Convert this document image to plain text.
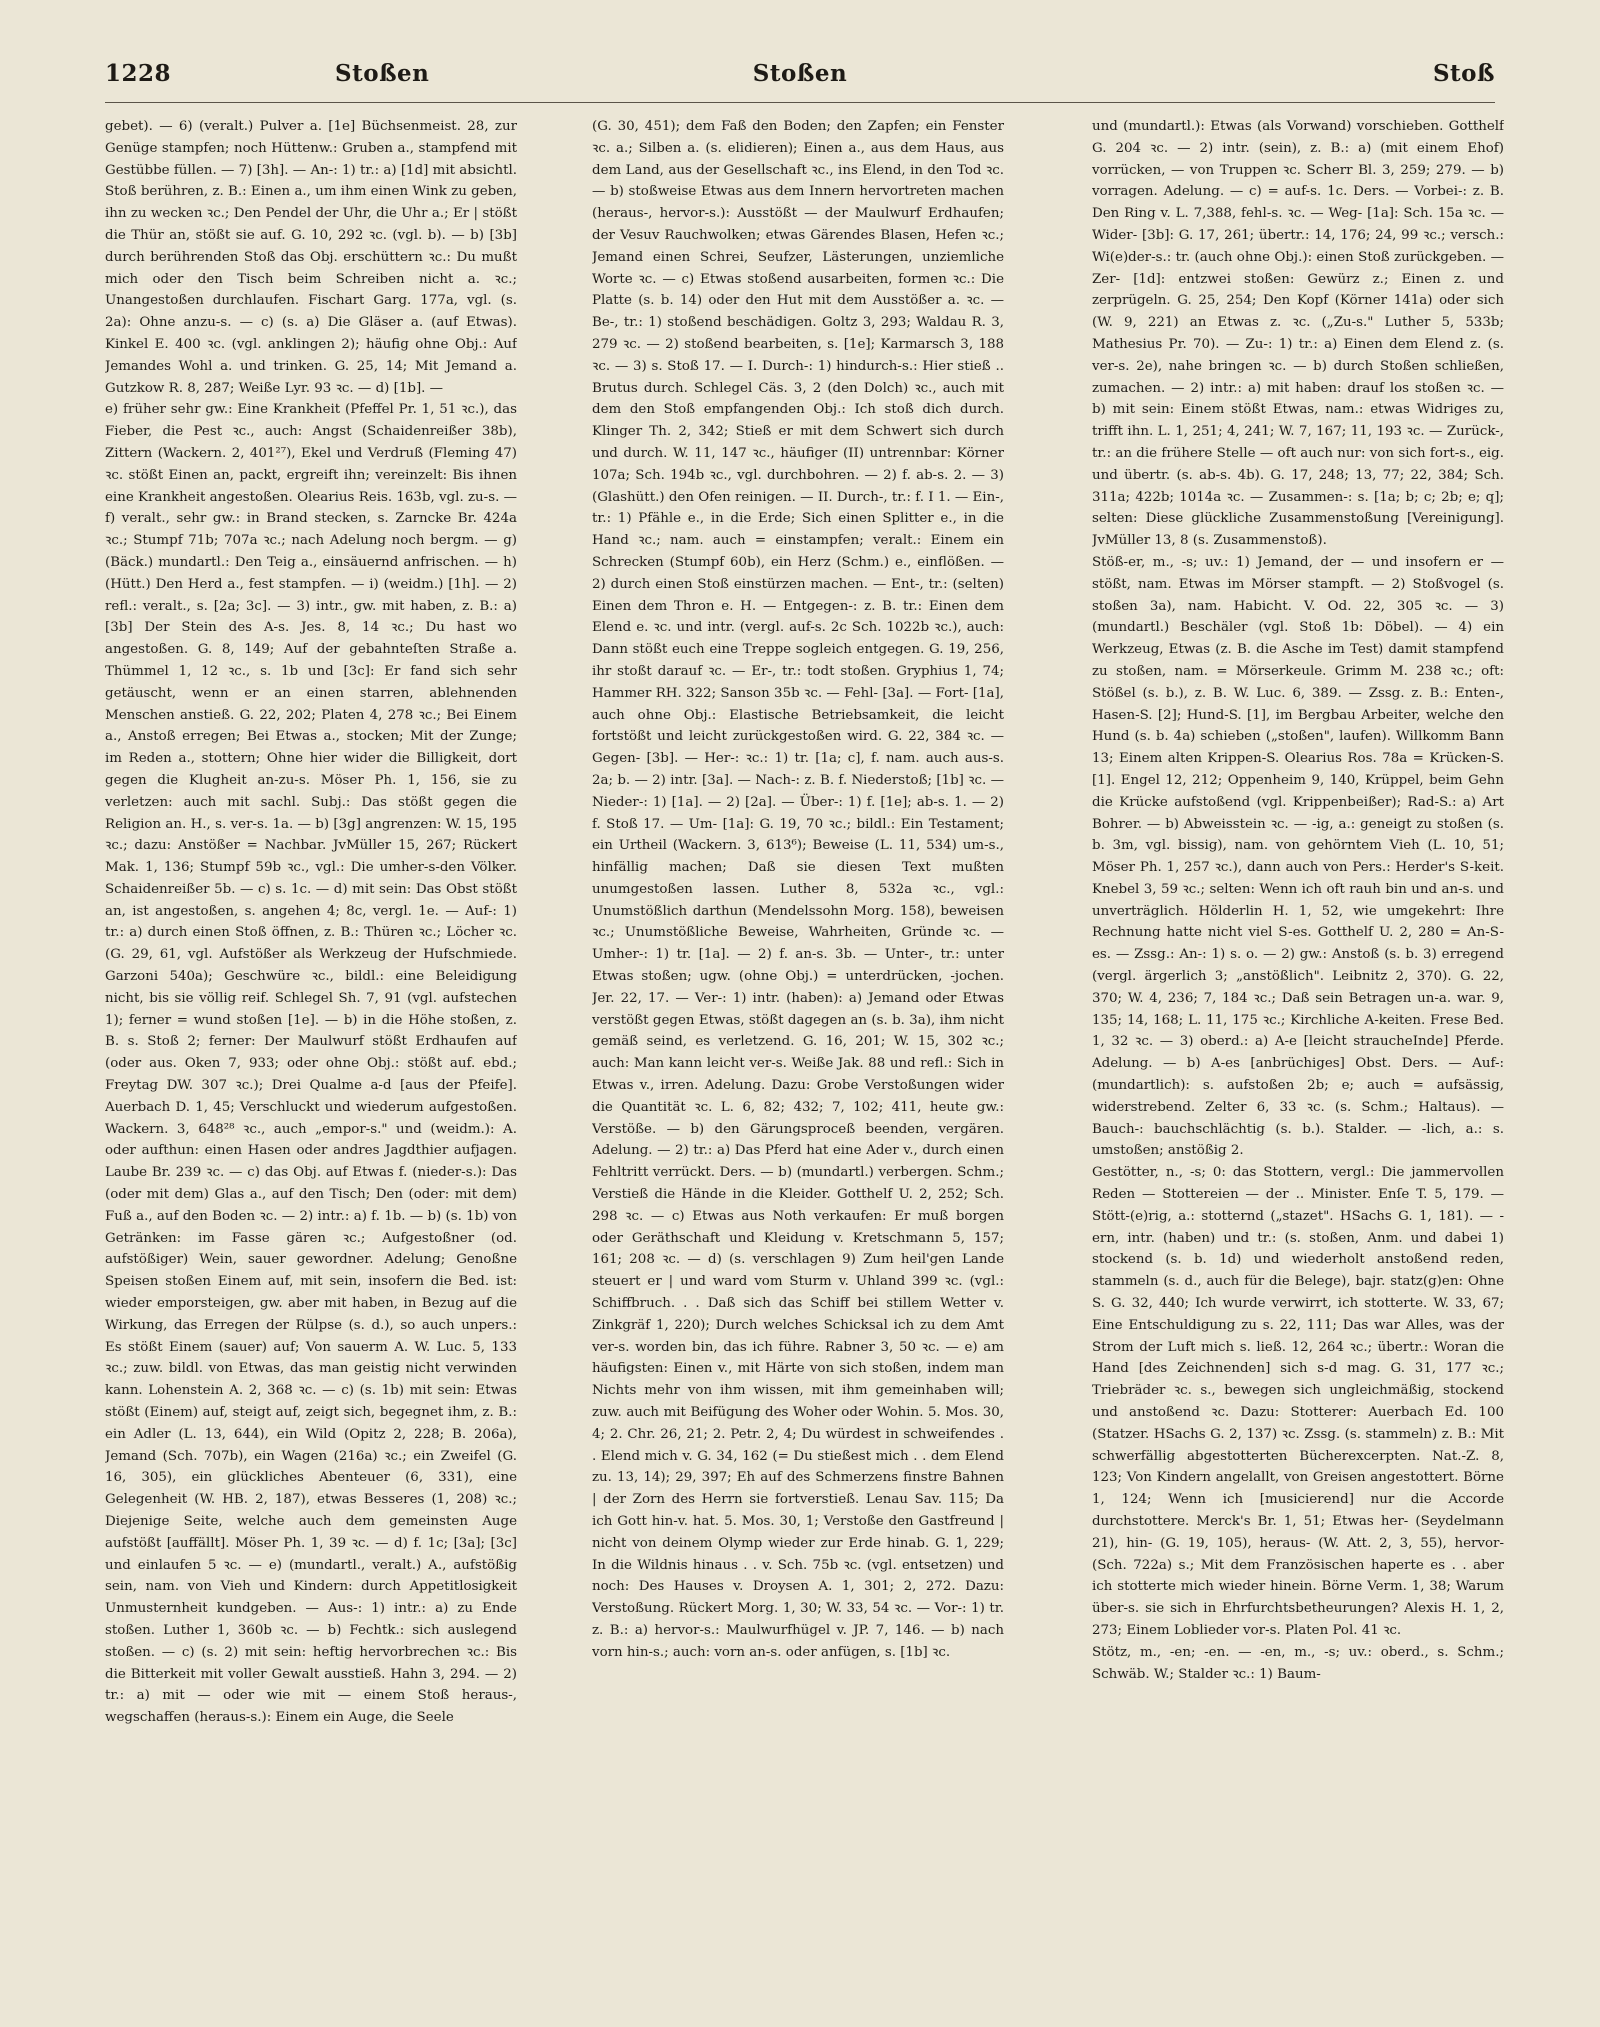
1228	Stoßen	Stoßen	Stoß

gebet). — 6) (veralt.) Pulver a. [1e] Büchsenmeist. 28, zur Genüge stampfen; noch Hüttenw.: Gruben a., stampfend mit Gestübbe füllen. — 7) [3h]. — An-: 1) tr.: a) [1d] mit absichtl. Stoß berühren, z. B.: Einen a., um ihm einen Wink zu geben, ihn zu wecken ꝛc.; Den Pendel der Uhr, die Uhr a.; Er | stößt die Thür an, stößt sie auf. G. 10, 292 ꝛc. (vgl. b). — b) [3b] durch berührenden Stoß das Obj. erschüttern ꝛc.: Du mußt mich oder den Tisch beim Schreiben nicht a. ꝛc.; Unangestoßen durchlaufen. Fischart Garg. 177a, vgl. (s. 2a): Ohne anzu-s. — c) (s. a) Die Gläser a. (auf Etwas). Kinkel E. 400 ꝛc. (vgl. anklingen 2); häufig ohne Obj.: Auf Jemandes Wohl a. und trinken. G. 25, 14; Mit Jemand a. Gutzkow R. 8, 287; Weiße Lyr. 93 ꝛc. — d) [1b]. —

e) früher sehr gw.: Eine Krankheit (Pfeffel Pr. 1, 51 ꝛc.), das Fieber, die Pest ꝛc., auch: Angst (Schaidenreißer 38b), Zittern (Wackern. 2, 401²⁷), Ekel und Verdruß (Fleming 47) ꝛc. stößt Einen an, packt, ergreift ihn; vereinzelt: Bis ihnen eine Krankheit angestoßen. Olearius Reis. 163b, vgl. zu-s. — f) veralt., sehr gw.: in Brand stecken, s. Zarncke Br. 424a ꝛc.; Stumpf 71b; 707a ꝛc.; nach Adelung noch bergm. — g) (Bäck.) mundartl.: Den Teig a., einsäuernd anfrischen. — h) (Hütt.) Den Herd a., fest stampfen. — i) (weidm.) [1h]. — 2) refl.: veralt., s. [2a; 3c]. — 3) intr., gw. mit haben, z. B.: a) [3b] Der Stein des A-s. Jes. 8, 14 ꝛc.; Du hast wo angestoßen. G. 8, 149; Auf der gebahnteſten Straße a. Thümmel 1, 12 ꝛc., s. 1b und [3c]: Er fand sich sehr getäuscht, wenn er an einen starren, ablehnenden Menschen anstieß. G. 22, 202; Platen 4, 278 ꝛc.; Bei Einem a., Anstoß erregen; Bei Etwas a., stocken; Mit der Zunge; im Reden a., stottern; Ohne hier wider die Billigkeit, dort gegen die Klugheit an-zu-s. Möser Ph. 1, 156, sie zu verletzen: auch mit sachl. Subj.: Das stößt gegen die Religion an. H., s. ver-s. 1a. — b) [3g] angrenzen: W. 15, 195 ꝛc.; dazu: Anstößer = Nachbar. JvMüller 15, 267; Rückert Mak. 1, 136; Stumpf 59b ꝛc., vgl.: Die umher-s-den Völker. Schaidenreißer 5b. — c) s. 1c. — d) mit sein: Das Obst stößt an, ist angestoßen, s. angehen 4; 8c, vergl. 1e. — Auf-: 1) tr.: a) durch einen Stoß öffnen, z. B.: Thüren ꝛc.; Löcher ꝛc. (G. 29, 61, vgl. Aufstößer als Werkzeug der Hufschmiede. Garzoni 540a); Geschwüre ꝛc., bildl.: eine Beleidigung nicht, bis sie völlig reif. Schlegel Sh. 7, 91 (vgl. aufstechen 1); ferner = wund stoßen [1e]. — b) in die Höhe stoßen, z. B. s. Stoß 2; ferner: Der Maulwurf stößt Erdhaufen auf (oder aus. Oken 7, 933; oder ohne Obj.: stößt auf. ebd.; Freytag DW. 307 ꝛc.); Drei Qualme a-d [aus der Pfeife]. Auerbach D. 1, 45; Verschluckt und wiederum aufgestoßen. Wackern. 3, 648²⁸ ꝛc., auch „empor-s." und (weidm.): A. oder aufthun: einen Hasen oder andres Jagdthier aufjagen. Laube Br. 239 ꝛc. — c) das Obj. auf Etwas f. (nieder-s.): Das (oder mit dem) Glas a., auf den Tisch; Den (oder: mit dem) Fuß a., auf den Boden ꝛc. — 2) intr.: a) f. 1b. — b) (s. 1b) von Getränken: im Fasse gären ꝛc.; Aufgestoßner (od. aufstößiger) Wein, sauer gewordner. Adelung; Genoßne Speisen stoßen Einem auf, mit sein, insofern die Bed. ist: wieder emporsteigen, gw. aber mit haben, in Bezug auf die Wirkung, das Erregen der Rülpse (s. d.), so auch unpers.: Es stößt Einem (sauer) auf; Von sauerm A. W. Luc. 5, 133 ꝛc.; zuw. bildl. von Etwas, das man geistig nicht verwinden kann. Lohenstein A. 2, 368 ꝛc. — c) (s. 1b) mit sein: Etwas stößt (Einem) auf, steigt auf, zeigt sich, begegnet ihm, z. B.: ein Adler (L. 13, 644), ein Wild (Opitz 2, 228; B. 206a), Jemand (Sch. 707b), ein Wagen (216a) ꝛc.; ein Zweifel (G. 16, 305), ein glückliches Abenteuer (6, 331), eine Gelegenheit (W. HB. 2, 187), etwas Besseres (1, 208) ꝛc.; Diejenige Seite, welche auch dem gemeinsten Auge aufstößt [auffällt]. Möser Ph. 1, 39 ꝛc. — d) f. 1c; [3a]; [3c] und einlaufen 5 ꝛc. — e) (mundartl., veralt.) A., aufstößig sein, nam. von Vieh und Kindern: durch Appetitlosigkeit Unmusternheit kundgeben. — Aus-: 1) intr.: a) zu Ende stoßen. Luther 1, 360b ꝛc. — b) Fechtk.: sich auslegend stoßen. — c) (s. 2) mit sein: heftig hervorbrechen ꝛc.: Bis die Bitterkeit mit voller Gewalt ausstieß. Hahn 3, 294. — 2) tr.: a) mit — oder wie mit — einem Stoß heraus-, wegschaffen (heraus-s.): Einem ein Auge, die Seele

(G. 30, 451); dem Faß den Boden; den Zapfen; ein Fenster ꝛc. a.; Silben a. (s. elidieren); Einen a., aus dem Haus, aus dem Land, aus der Gesellschaft ꝛc., ins Elend, in den Tod ꝛc. — b) stoßweise Etwas aus dem Innern hervortreten machen (heraus-, hervor-s.): Ausstößt — der Maulwurf Erdhaufen; der Vesuv Rauchwolken; etwas Gärendes Blasen, Hefen ꝛc.; Jemand einen Schrei, Seufzer, Lästerungen, unziemliche Worte ꝛc. — c) Etwas stoßend ausarbeiten, formen ꝛc.: Die Platte (s. b. 14) oder den Hut mit dem Ausstößer a. ꝛc. — Be-, tr.: 1) stoßend beschädigen. Goltz 3, 293; Waldau R. 3, 279 ꝛc. — 2) stoßend bearbeiten, s. [1e]; Karmarsch 3, 188 ꝛc. — 3) s. Stoß 17. — I. Durch-: 1) hindurch-s.: Hier stieß .. Brutus durch. Schlegel Cäs. 3, 2 (den Dolch) ꝛc., auch mit dem den Stoß empfangenden Obj.: Ich stoß dich durch. Klinger Th. 2, 342; Stieß er mit dem Schwert sich durch und durch. W. 11, 147 ꝛc., häufiger (II) untrennbar: Körner 107a; Sch. 194b ꝛc., vgl. durchbohren. — 2) f. ab-s. 2. — 3) (Glashütt.) den Ofen reinigen. — II. Durch-, tr.: f. I 1. — Ein-, tr.: 1) Pfähle e., in die Erde; Sich einen Splitter e., in die Hand ꝛc.; nam. auch = einstampfen; veralt.: Einem ein Schrecken (Stumpf 60b), ein Herz (Schm.) e., einflößen. — 2) durch einen Stoß einstürzen machen. — Ent-, tr.: (selten) Einen dem Thron e. H. — Entgegen-: z. B. tr.: Einen dem Elend e. ꝛc. und intr. (vergl. auf-s. 2c Sch. 1022b ꝛc.), auch: Dann stößt euch eine Treppe sogleich entgegen. G. 19, 256, ihr stoßt darauf ꝛc. — Er-, tr.: todt stoßen. Gryphius 1, 74; Hammer RH. 322; Sanson 35b ꝛc. — Fehl- [3a]. — Fort- [1a], auch ohne Obj.: Elastische Betriebsamkeit, die leicht fortstößt und leicht zurückgestoßen wird. G. 22, 384 ꝛc. — Gegen- [3b]. — Her-: ꝛc.: 1) tr. [1a; c], f. nam. auch aus-s. 2a; b. — 2) intr. [3a]. — Nach-: z. B. f. Niederstoß; [1b] ꝛc. — Nieder-: 1) [1a]. — 2) [2a]. — Über-: 1) f. [1e]; ab-s. 1. — 2) f. Stoß 17. — Um- [1a]: G. 19, 70 ꝛc.; bildl.: Ein Testament; ein Urtheil (Wackern. 3, 613⁶); Beweise (L. 11, 534) um-s., hinfällig machen; Daß sie diesen Text mußten unumgestoßen lassen. Luther 8, 532a ꝛc., vgl.: Unumstößlich darthun (Mendelssohn Morg. 158), beweisen ꝛc.; Unumstößliche Beweise, Wahrheiten, Gründe ꝛc. — Umher-: 1) tr. [1a]. — 2) f. an-s. 3b. — Unter-, tr.: unter Etwas stoßen; ugw. (ohne Obj.) = unterdrücken, -jochen. Jer. 22, 17. — Ver-: 1) intr. (haben): a) Jemand oder Etwas verstößt gegen Etwas, stößt dagegen an (s. b. 3a), ihm nicht gemäß seind, es verletzend. G. 16, 201; W. 15, 302 ꝛc.; auch: Man kann leicht ver-s. Weiße Jak. 88 und refl.: Sich in Etwas v., irren. Adelung. Dazu: Grobe Verstoßungen wider die Quantität ꝛc. L. 6, 82; 432; 7, 102; 411, heute gw.: Verstöße. — b) den Gärungsproceß beenden, vergären. Adelung. — 2) tr.: a) Das Pferd hat eine Ader v., durch einen Fehltritt verrückt. Ders. — b) (mundartl.) verbergen. Schm.; Verstieß die Hände in die Kleider. Gotthelf U. 2, 252; Sch. 298 ꝛc. — c) Etwas aus Noth verkaufen: Er muß borgen oder Geräthschaft und Kleidung v. Kretschmann 5, 157; 161; 208 ꝛc. — d) (s. verschlagen 9) Zum heil'gen Lande steuert er | und ward vom Sturm v. Uhland 399 ꝛc. (vgl.: Schiffbruch. . . Daß sich das Schiff bei stillem Wetter v. Zinkgräf 1, 220); Durch welches Schicksal ich zu dem Amt ver-s. worden bin, das ich führe. Rabner 3, 50 ꝛc. — e) am häufigsten: Einen v., mit Härte von sich stoßen, indem man Nichts mehr von ihm wissen, mit ihm gemeinhaben will; zuw. auch mit Beifügung des Woher oder Wohin. 5. Mos. 30, 4; 2. Chr. 26, 21; 2. Petr. 2, 4; Du würdest in schweifendes . . Elend mich v. G. 34, 162 (= Du stießest mich . . dem Elend zu. 13, 14); 29, 397; Eh auf des Schmerzens finstre Bahnen | der Zorn des Herrn sie fortverstieß. Lenau Sav. 115; Da ich Gott hin-v. hat. 5. Mos. 30, 1; Verstoße den Gastfreund | nicht von deinem Olymp wieder zur Erde hinab. G. 1, 229; In die Wildnis hinaus . . v. Sch. 75b ꝛc. (vgl. entsetzen) und noch: Des Hauses v. Droysen A. 1, 301; 2, 272. Dazu: Verstoßung. Rückert Morg. 1, 30; W. 33, 54 ꝛc. — Vor-: 1) tr. z. B.: a) hervor-s.: Maulwurfhügel v. JP. 7, 146. — b) nach vorn hin-s.; auch: vorn an-s. oder anfügen, s. [1b] ꝛc.

und (mundartl.): Etwas (als Vorwand) vorschieben. Gotthelf G. 204 ꝛc. — 2) intr. (sein), z. B.: a) (mit einem Ehof) vorrücken, — von Truppen ꝛc. Scherr Bl. 3, 259; 279. — b) vorragen. Adelung. — c) = auf-s. 1c. Ders. — Vorbei-: z. B. Den Ring v. L. 7,388, fehl-s. ꝛc. — Weg- [1a]: Sch. 15a ꝛc. — Wider- [3b]: G. 17, 261; übertr.: 14, 176; 24, 99 ꝛc.; versch.: Wi(e)der-s.: tr. (auch ohne Obj.): einen Stoß zurückgeben. — Zer- [1d]: entzwei stoßen: Gewürz z.; Einen z. und zerprügeln. G. 25, 254; Den Kopf (Körner 141a) oder sich (W. 9, 221) an Etwas z. ꝛc. („Zu-s." Luther 5, 533b; Mathesius Pr. 70). — Zu-: 1) tr.: a) Einen dem Elend z. (s. ver-s. 2e), nahe bringen ꝛc. — b) durch Stoßen schließen, zumachen. — 2) intr.: a) mit haben: drauf los stoßen ꝛc. — b) mit sein: Einem stößt Etwas, nam.: etwas Widriges zu, trifft ihn. L. 1, 251; 4, 241; W. 7, 167; 11, 193 ꝛc. — Zurück-, tr.: an die frühere Stelle — oft auch nur: von sich fort-s., eig. und übertr. (s. ab-s. 4b). G. 17, 248; 13, 77; 22, 384; Sch. 311a; 422b; 1014a ꝛc. — Zusammen-: s. [1a; b; c; 2b; e; q]; selten: Diese glückliche Zusammenstoßung [Vereinigung]. JvMüller 13, 8 (s. Zusammenstoß).

Stöß-er, m., -s; uv.: 1) Jemand, der — und insofern er — stößt, nam. Etwas im Mörser stampft. — 2) Stoßvogel (s. stoßen 3a), nam. Habicht. V. Od. 22, 305 ꝛc. — 3) (mundartl.) Beschäler (vgl. Stoß 1b: Döbel). — 4) ein Werkzeug, Etwas (z. B. die Asche im Test) damit stampfend zu stoßen, nam. = Mörserkeule. Grimm M. 238 ꝛc.; oft: Stößel (s. b.), z. B. W. Luc. 6, 389. — Zssg. z. B.: Enten-, Hasen-S. [2]; Hund-S. [1], im Bergbau Arbeiter, welche den Hund (s. b. 4a) schieben („stoßen", laufen). Willkomm Bann 13; Einem alten Krippen-S. Olearius Ros. 78a = Krücken-S. [1]. Engel 12, 212; Oppenheim 9, 140, Krüppel, beim Gehn die Krücke aufstoßend (vgl. Krippenbeißer); Rad-S.: a) Art Bohrer. — b) Abweisstein ꝛc. — -ig, a.: geneigt zu stoßen (s. b. 3m, vgl. bissig), nam. von gehörntem Vieh (L. 10, 51; Möser Ph. 1, 257 ꝛc.), dann auch von Pers.: Herder's S-keit. Knebel 3, 59 ꝛc.; selten: Wenn ich oft rauh bin und an-s. und unverträglich. Hölderlin H. 1, 52, wie umgekehrt: Ihre Rechnung hatte nicht viel S-es. Gotthelf U. 2, 280 = An-S-es. — Zssg.: An-: 1) s. o. — 2) gw.: Anstoß (s. b. 3) erregend (vergl. ärgerlich 3; „anstößlich". Leibnitz 2, 370). G. 22, 370; W. 4, 236; 7, 184 ꝛc.; Daß sein Betragen un-a. war. 9, 135; 14, 168; L. 11, 175 ꝛc.; Kirchliche A-keiten. Frese Bed. 1, 32 ꝛc. — 3) oberd.: a) A-e [leicht straucheInde] Pferde. Adelung. — b) A-es [anbrüchiges] Obst. Ders. — Auf-: (mundartlich): s. aufstoßen 2b; e; auch = aufsässig, widerstrebend. Zelter 6, 33 ꝛc. (s. Schm.; Haltaus). — Bauch-: bauchschlächtig (s. b.). Stalder. — -lich, a.: s. umstoßen; anstößig 2.

Gestötter, n., -s; 0: das Stottern, vergl.: Die jammervollen Reden — Stottereien — der .. Minister. Enſe T. 5, 179. — Stött-(e)rig, a.: stotternd („stazet". HSachs G. 1, 181). — -ern, intr. (haben) und tr.: (s. stoßen, Anm. und dabei 1) stockend (s. b. 1d) und wiederholt anstoßend reden, stammeln (s. d., auch für die Belege), bajr. statz(g)en: Ohne S. G. 32, 440; Ich wurde verwirrt, ich stotterte. W. 33, 67; Eine Entschuldigung zu s. 22, 111; Das war Alles, was der Strom der Luft mich s. ließ. 12, 264 ꝛc.; übertr.: Woran die Hand [des Zeichnenden] sich s-d mag. G. 31, 177 ꝛc.; Triebräder ꝛc. s., bewegen sich ungleichmäßig, stockend und anstoßend ꝛc. Dazu: Stotterer: Auerbach Ed. 100 (Statzer. HSachs G. 2, 137) ꝛc. Zssg. (s. stammeln) z. B.: Mit schwerfällig abgestotterten Bücherexcerpten. Nat.-Z. 8, 123; Von Kindern angelallt, von Greisen angestottert. Börne 1, 124; Wenn ich [musicierend] nur die Accorde durchstottere. Merck's Br. 1, 51; Etwas her- (Seydelmann 21), hin- (G. 19, 105), heraus- (W. Att. 2, 3, 55), hervor- (Sch. 722a) s.; Mit dem Französischen haperte es . . aber ich stotterte mich wieder hinein. Börne Verm. 1, 38; Warum über-s. sie sich in Ehrfurchtsbetheurungen? Alexis H. 1, 2, 273; Einem Loblieder vor-s. Platen Pol. 41 ꝛc.

Stötz, m., -en; -en. — -en, m., -s; uv.: oberd., s. Schm.; Schwäb. W.; Stalder ꝛc.: 1) Baum-
